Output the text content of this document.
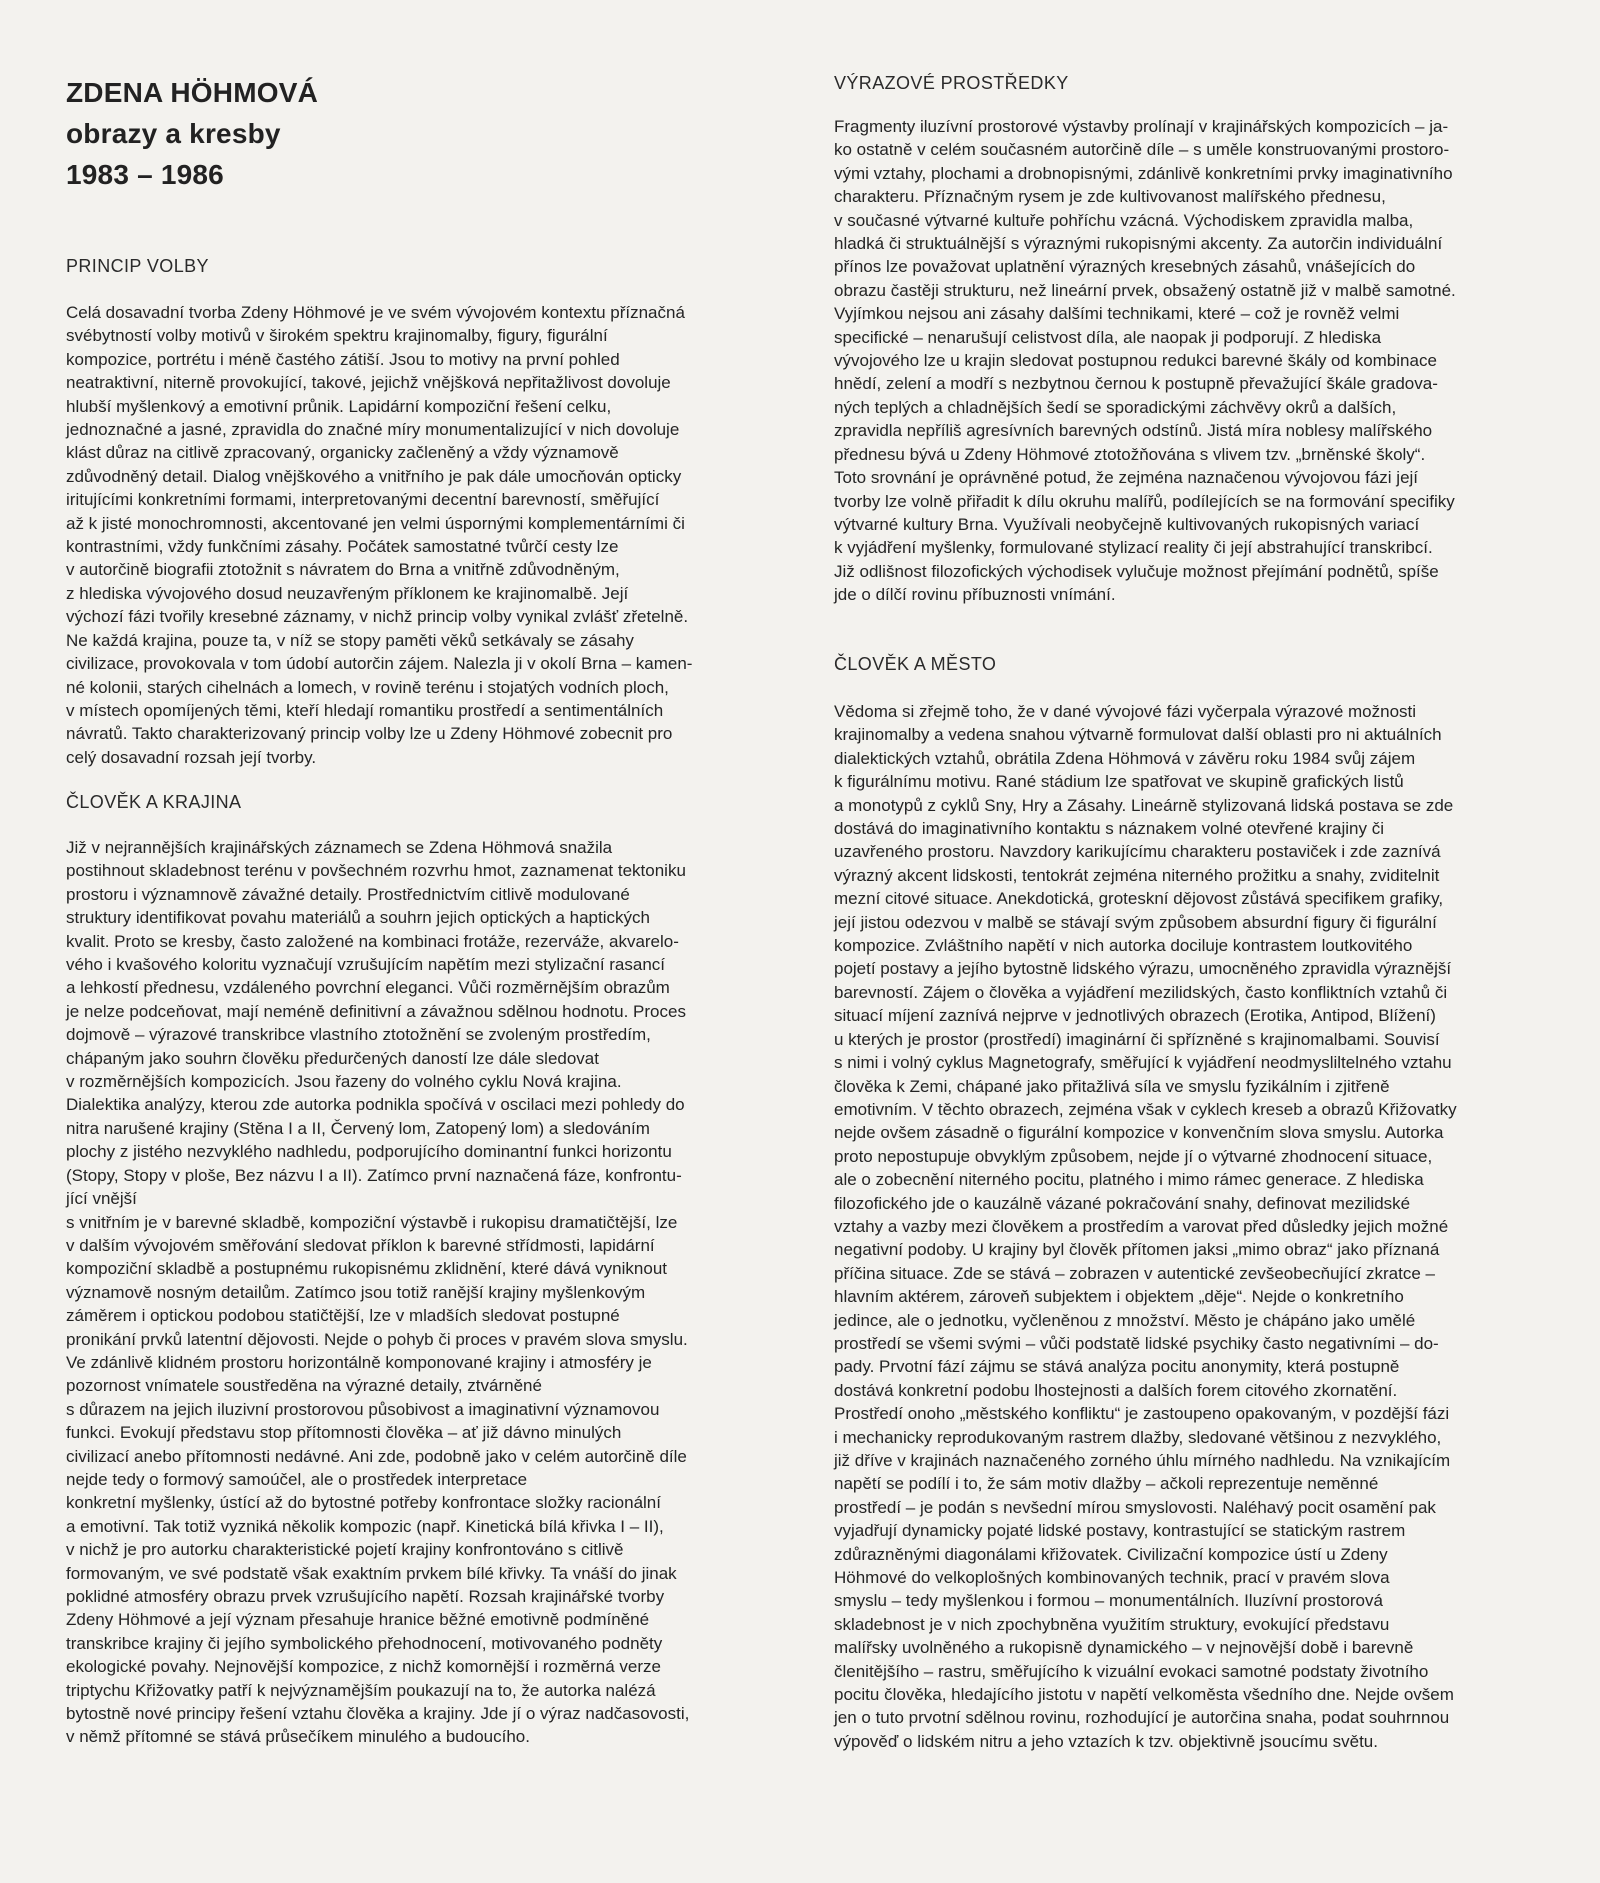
ZDENA HÖHMOVÁ
obrazy a kresby
1983 – 1986
PRINCIP VOLBY

Celá dosavadní tvorba Zdeny Höhmové je ve svém vývojovém kontextu příznačná
svébytností volby motivů v širokém spektru krajinomalby, figury, figurální
kompozice, portrétu i méně častého zátiší. Jsou to motivy na první pohled
neatraktivní, niterně provokující, takové, jejichž vnějšková nepřitažlivost dovoluje
hlubší myšlenkový a emotivní průnik. Lapidární kompoziční řešení celku,
jednoznačné a jasné, zpravidla do značné míry monumentalizující v nich dovoluje
klást důraz na citlivě zpracovaný, organicky začleněný a vždy významově
zdůvodněný detail. Dialog vnějškového a vnitřního je pak dále umocňován opticky
iritujícími konkretními formami, interpretovanými decentní barevností, směřující
až k jisté monochromnosti, akcentované jen velmi úspornými komplementárními či
kontrastními, vždy funkčními zásahy. Počátek samostatné tvůrčí cesty lze
v autorčině biografii ztotožnit s návratem do Brna a vnitřně zdůvodněným,
z hlediska vývojového dosud neuzavřeným příklonem ke krajinomalbě. Její
výchozí fázi tvořily kresebné záznamy, v nichž princip volby vynikal zvlášť zřetelně.
Ne každá krajina, pouze ta, v níž se stopy paměti věků setkávaly se zásahy
civilizace, provokovala v tom údobí autorčin zájem. Nalezla ji v okolí Brna – kamen-
né kolonii, starých cihelnách a lomech, v rovině terénu i stojatých vodních ploch,
v místech opomíjených těmi, kteří hledají romantiku prostředí a sentimentálních
návratů. Takto charakterizovaný princip volby lze u Zdeny Höhmové zobecnit pro
celý dosavadní rozsah její tvorby.

ČLOVĚK A KRAJINA

Již v nejrannějších krajinářských záznamech se Zdena Höhmová snažila
postihnout skladebnost terénu v povšechném rozvrhu hmot, zaznamenat tektoniku
prostoru i významnově závažné detaily. Prostřednictvím citlivě modulované
struktury identifikovat povahu materiálů a souhrn jejich optických a haptických
kvalit. Proto se kresby, často založené na kombinaci frotáže, rezerváže, akvarelo-
vého i kvašového koloritu vyznačují vzrušujícím napětím mezi stylizační rasancí
a lehkostí přednesu, vzdáleného povrchní eleganci. Vůči rozměrnějším obrazům
je nelze podceňovat, mají neméně definitivní a závažnou sdělnou hodnotu. Proces
dojmově – výrazové transkribce vlastního ztotožnění se zvoleným prostředím,
chápaným jako souhrn člověku předurčených daností lze dále sledovat
v rozměrnějších kompozicích. Jsou řazeny do volného cyklu Nová krajina.
Dialektika analýzy, kterou zde autorka podnikla spočívá v oscilaci mezi pohledy do
nitra narušené krajiny (Stěna I a II, Červený lom, Zatopený lom) a sledováním
plochy z jistého nezvyklého nadhledu, podporujícího dominantní funkci horizontu
(Stopy, Stopy v ploše, Bez názvu I a II). Zatímco první naznačená fáze, konfrontu-
jící vnější
s vnitřním je v barevné skladbě, kompoziční výstavbě i rukopisu dramatičtější, lze
v dalším vývojovém směřování sledovat příklon k barevné střídmosti, lapidární
kompoziční skladbě a postupnému rukopisnému zklidnění, které dává vyniknout
významově nosným detailům. Zatímco jsou totiž ranější krajiny myšlenkovým
záměrem i optickou podobou statičtější, lze v mladších sledovat postupné
pronikání prvků latentní dějovosti. Nejde o pohyb či proces v pravém slova smyslu.
Ve zdánlivě klidném prostoru horizontálně komponované krajiny i atmosféry je
pozornost vnímatele soustředěna na výrazné detaily, ztvárněné
s důrazem na jejich iluzivní prostorovou působivost a imaginativní významovou
funkci. Evokují představu stop přítomnosti člověka – ať již dávno minulých
civilizací anebo přítomnosti nedávné. Ani zde, podobně jako v celém autorčině díle
nejde tedy o formový samoúčel, ale o prostředek interpretace
konkretní myšlenky, ústící až do bytostné potřeby konfrontace složky racionální
a emotivní. Tak totiž vyzniká několik kompozic (např. Kinetická bílá křivka I – II),
v nichž je pro autorku charakteristické pojetí krajiny konfrontováno s citlivě
formovaným, ve své podstatě však exaktním prvkem bílé křivky. Ta vnáší do jinak
poklidné atmosféry obrazu prvek vzrušujícího napětí. Rozsah krajinářské tvorby
Zdeny Höhmové a její význam přesahuje hranice běžné emotivně podmíněné
transkribce krajiny či jejího symbolického přehodnocení, motivovaného podněty
ekologické povahy. Nejnovější kompozice, z nichž komornější i rozměrná verze
triptychu Křižovatky patří k nejvýznamějším poukazují na to, že autorka nalézá
bytostně nové principy řešení vztahu člověka a krajiny. Jde jí o výraz nadčasovosti,
v němž přítomné se stává průsečíkem minulého a budoucího.

VÝRAZOVÉ PROSTŘEDKY

Fragmenty iluzívní prostorové výstavby prolínají v krajinářských kompozicích – ja-
ko ostatně v celém současném autorčině díle – s uměle konstruovanými prostoro-
vými vztahy, plochami a drobnopisnými, zdánlivě konkretními prvky imaginativního
charakteru. Příznačným rysem je zde kultivovanost malířského přednesu,
v současné výtvarné kultuře pohříchu vzácná. Východiskem zpravidla malba,
hladká či struktuálnější s výraznými rukopisnými akcenty. Za autorčin individuální
přínos lze považovat uplatnění výrazných kresebných zásahů, vnášejících do
obrazu častěji strukturu, než lineární prvek, obsažený ostatně již v malbě samotné.
Vyjímkou nejsou ani zásahy dalšími technikami, které – což je rovněž velmi
specifické – nenarušují celistvost díla, ale naopak ji podporují. Z hlediska
vývojového lze u krajin sledovat postupnou redukci barevné škály od kombinace
hnědí, zelení a modří s nezbytnou černou k postupně převažující škále gradova-
ných teplých a chladnějších šedí se sporadickými záchvěvy okrů a dalších,
zpravidla nepříliš agresívních barevných odstínů. Jistá míra noblesy malířského
přednesu bývá u Zdeny Höhmové ztotožňována s vlivem tzv. „brněnské školy“.
Toto srovnání je oprávněné potud, že zejména naznačenou vývojovou fázi její
tvorby lze volně přiřadit k dílu okruhu malířů, podílejících se na formování specifiky
výtvarné kultury Brna. Využívali neobyčejně kultivovaných rukopisných variací
k vyjádření myšlenky, formulované stylizací reality či její abstrahující transkribcí.
Již odlišnost filozofických východisek vylučuje možnost přejímání podnětů, spíše
jde o dílčí rovinu příbuznosti vnímání.

ČLOVĚK A MĚSTO

Vědoma si zřejmě toho, že v dané vývojové fázi vyčerpala výrazové možnosti
krajinomalby a vedena snahou výtvarně formulovat další oblasti pro ni aktuálních
dialektických vztahů, obrátila Zdena Höhmová v závěru roku 1984 svůj zájem
k figurálnímu motivu. Rané stádium lze spatřovat ve skupině grafických listů
a monotypů z cyklů Sny, Hry a Zásahy. Lineárně stylizovaná lidská postava se zde
dostává do imaginativního kontaktu s náznakem volné otevřené krajiny či
uzavřeného prostoru. Navzdory karikujícímu charakteru postaviček i zde zaznívá
výrazný akcent lidskosti, tentokrát zejména niterného prožitku a snahy, zviditelnit
mezní citové situace. Anekdotická, groteskní dějovost zůstává specifikem grafiky,
její jistou odezvou v malbě se stávají svým způsobem absurdní figury či figurální
kompozice. Zvláštního napětí v nich autorka dociluje kontrastem loutkovitého
pojetí postavy a jejího bytostně lidského výrazu, umocněného zpravidla výraznější
barevností. Zájem o člověka a vyjádření mezilidských, často konfliktních vztahů či
situací míjení zaznívá nejprve v jednotlivých obrazech (Erotika, Antipod, Blížení)
u kterých je prostor (prostředí) imaginární či spřízněné s krajinomalbami. Souvisí
s nimi i volný cyklus Magnetografy, směřující k vyjádření neodmysliltelného vztahu
člověka k Zemi, chápané jako přitažlivá síla ve smyslu fyzikálním i zjitřeně
emotivním. V těchto obrazech, zejména však v cyklech kreseb a obrazů Křižovatky
nejde ovšem zásadně o figurální kompozice v konvenčním slova smyslu. Autorka
proto nepostupuje obvyklým způsobem, nejde jí o výtvarné zhodnocení situace,
ale o zobecnění niterného pocitu, platného i mimo rámec generace. Z hlediska
filozofického jde o kauzálně vázané pokračování snahy, definovat mezilidské
vztahy a vazby mezi člověkem a prostředím a varovat před důsledky jejich možné
negativní podoby. U krajiny byl člověk přítomen jaksi „mimo obraz“ jako příznaná
příčina situace. Zde se stává – zobrazen v autentické zevšeobecňující zkratce –
hlavním aktérem, zároveň subjektem i objektem „děje“. Nejde o konkretního
jedince, ale o jednotku, vyčleněnou z množství. Město je chápáno jako umělé
prostředí se všemi svými – vůči podstatě lidské psychiky často negativními – do-
pady. Prvotní fází zájmu se stává analýza pocitu anonymity, která postupně
dostává konkretní podobu lhostejnosti a dalších forem citového zkornatění.
Prostředí onoho „městského konfliktu“ je zastoupeno opakovaným, v pozdější fázi
i mechanicky reprodukovaným rastrem dlažby, sledované většinou z nezvyklého,
již dříve v krajinách naznačeného zorného úhlu mírného nadhledu. Na vznikajícím
napětí se podílí i to, že sám motiv dlažby – ačkoli reprezentuje neměnné
prostředí – je podán s nevšední mírou smyslovosti. Naléhavý pocit osamění pak
vyjadřují dynamicky pojaté lidské postavy, kontrastující se statickým rastrem
zdůrazněnými diagonálami křižovatek. Civilizační kompozice ústí u Zdeny
Höhmové do velkoplošných kombinovaných technik, prací v pravém slova
smyslu – tedy myšlenkou i formou – monumentálních. Iluzívní prostorová
skladebnost je v nich zpochybněna využitím struktury, evokující představu
malířsky uvolněného a rukopisně dynamického – v nejnovější době i barevně
členitějšího – rastru, směřujícího k vizuální evokaci samotné podstaty životního
pocitu člověka, hledajícího jistotu v napětí velkoměsta všedního dne. Nejde ovšem
jen o tuto prvotní sdělnou rovinu, rozhodující je autorčina snaha, podat souhrnnou
výpověď o lidském nitru a jeho vztazích k tzv. objektivně jsoucímu světu.
